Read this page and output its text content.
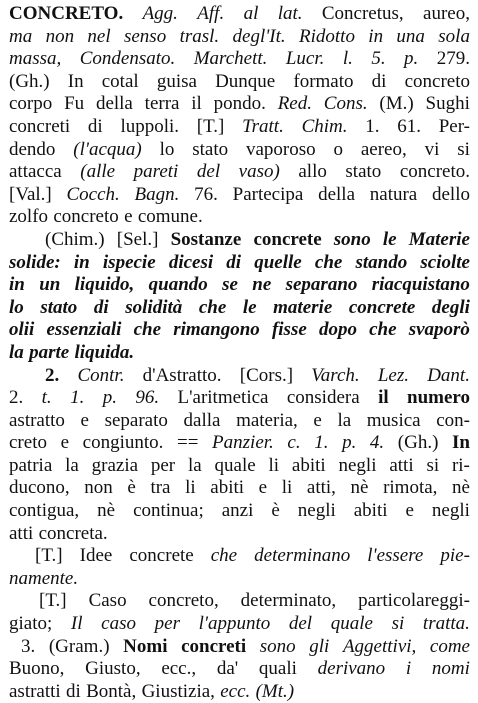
CONCRETO. Agg. Aff. al lat. Concretus, aureo,
ma non nel senso trasl. degl'It. Ridotto in una sola
massa, Condensato. Marchett. Lucr. l. 5. p. 279.
(Gh.) In cotal guisa Dunque formato di concreto
corpo Fu della terra il pondo. Red. Cons. (M.) Sughi
concreti di luppoli. [T.] Tratt. Chim. 1. 61. Per-
dendo (l'acqua) lo stato vaporoso o aereo, vi si
attacca (alle pareti del vaso) allo stato concreto.
[Val.] Cocch. Bagn. 76. Partecipa della natura dello
zolfo concreto e comune.
(Chim.) [Sel.] Sostanze concrete sono le Materie
solide: in ispecie dicesi di quelle che stando sciolte
in un liquido, quando se ne separano riacquistano
lo stato di solidità che le materie concrete degli
olii essenziali che rimangono fisse dopo che svaporò
la parte liquida.
2. Contr. d'Astratto. [Cors.] Varch. Lez. Dant.
2. t. 1. p. 96. L'aritmetica considera il numero
astratto e separato dalla materia, e la musica con-
creto e congiunto. == Panzier. c. 1. p. 4. (Gh.) In
patria la grazia per la quale li abiti negli atti si ri-
ducono, non è tra li abiti e li atti, nè rimota, nè
contigua, nè continua; anzi è negli abiti e negli
atti concreta.
[T.] Idee concrete che determinano l'essere pie-
namente.
[T.] Caso concreto, determinato, particolareggi-
giato; Il caso per l'appunto del quale si tratta.
3. (Gram.) Nomi concreti sono gli Aggettivi, come
Buono, Giusto, ecc., da' quali derivano i nomi
astratti di Bontà, Giustizia, ecc. (Mt.)
